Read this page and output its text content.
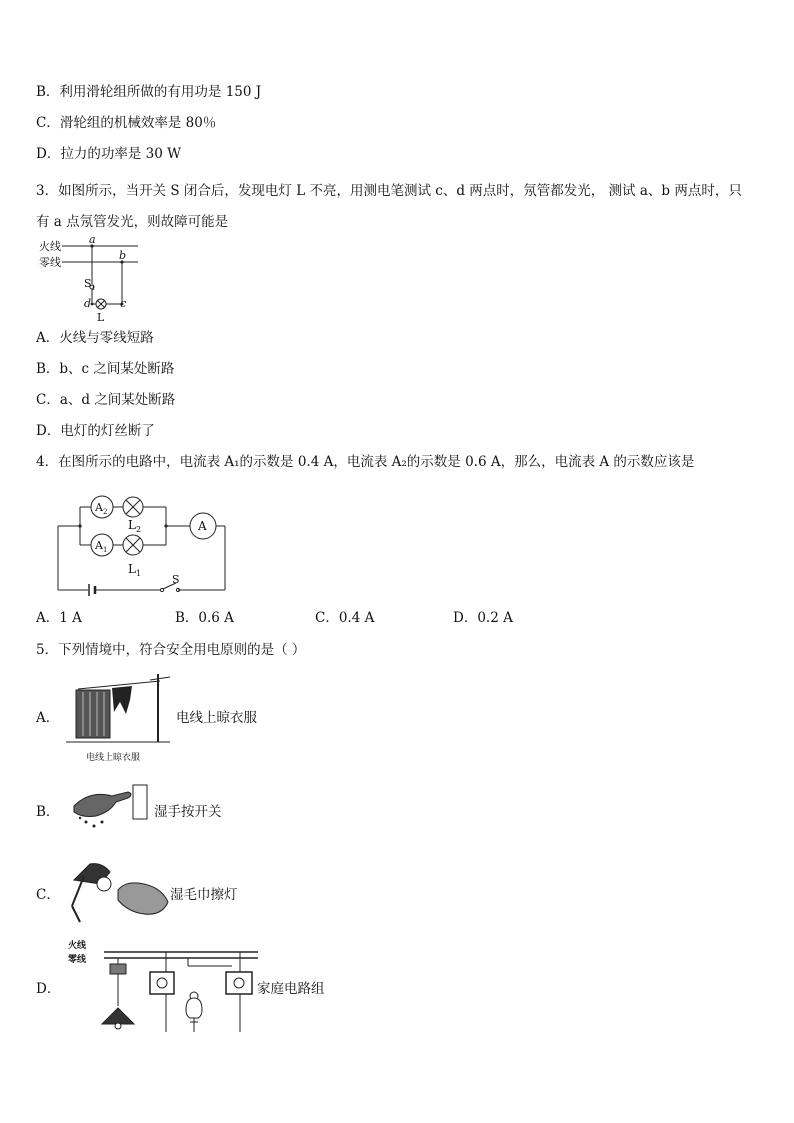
B．利用滑轮组所做的有用功是 150 J
C．滑轮组的机械效率是 80％
D．拉力的功率是 30 W
3．如图所示，当开关 S 闭合后，发现电灯 L 不亮，用测电笔测试 c、d 两点时，氖管都发光， 测试 a、b 两点时，只
有 a 点氖管发光，则故障可能是
火线
零线
a
b
S 1
d	c
L
A．火线与零线短路
B．b、c 之间某处断路
C．a、d 之间某处断路
D．电灯的灯丝断了
4．在图所示的电路中，电流表 A₁的示数是 0.4 A，电流表 A₂的示数是 0.6 A，那么，电流表 A 的示数应该是
A 2
A 1
A
L 2
L 1	S
A．1 A	B．0.6 A	C．0.4 A	D．0.2 A
5．下列情境中，符合安全用电原则的是（ ）
A．
电线上晾衣服
电线上晾衣服
B．	湿手按开关
C．	湿毛巾擦灯
D．
火线
零线
家庭电路组
